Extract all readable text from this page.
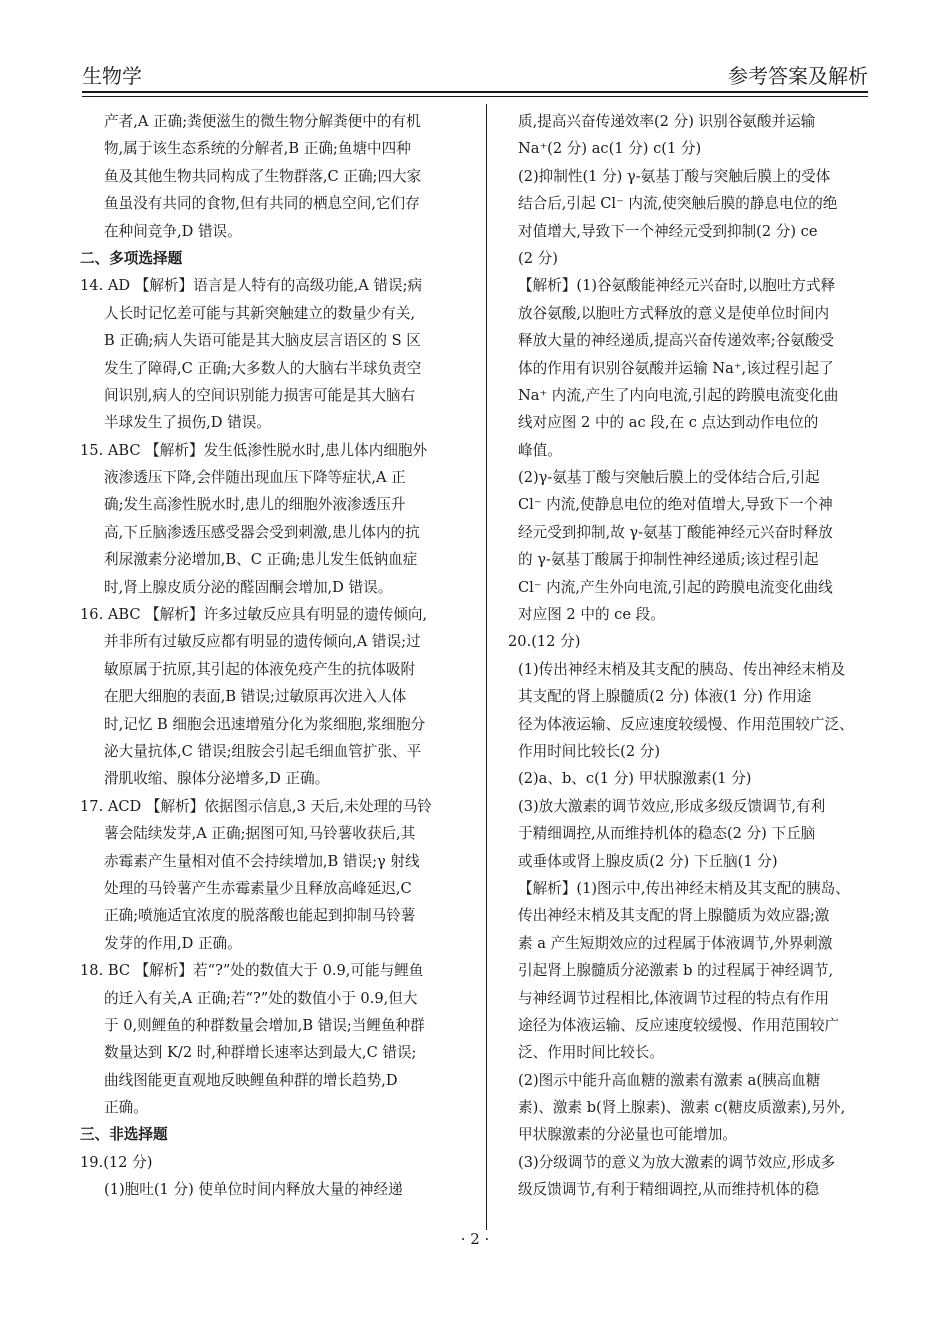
生物学	参考答案及解析
产者,A 正确;粪便滋生的微生物分解粪便中的有机
物,属于该生态系统的分解者,B 正确;鱼塘中四种
鱼及其他生物共同构成了生物群落,C 正确;四大家
鱼虽没有共同的食物,但有共同的栖息空间,它们存
在种间竞争,D 错误。
二、多项选择题
14. AD 【解析】语言是人特有的高级功能,A 错误;病
人长时记忆差可能与其新突触建立的数量少有关,
B 正确;病人失语可能是其大脑皮层言语区的 S 区
发生了障碍,C 正确;大多数人的大脑右半球负责空
间识别,病人的空间识别能力损害可能是其大脑右
半球发生了损伤,D 错误。
15. ABC 【解析】发生低渗性脱水时,患儿体内细胞外
液渗透压下降,会伴随出现血压下降等症状,A 正
确;发生高渗性脱水时,患儿的细胞外液渗透压升
高,下丘脑渗透压感受器会受到刺激,患儿体内的抗
利尿激素分泌增加,B、C 正确;患儿发生低钠血症
时,肾上腺皮质分泌的醛固酮会增加,D 错误。
16. ABC 【解析】许多过敏反应具有明显的遗传倾向,
并非所有过敏反应都有明显的遗传倾向,A 错误;过
敏原属于抗原,其引起的体液免疫产生的抗体吸附
在肥大细胞的表面,B 错误;过敏原再次进入人体
时,记忆 B 细胞会迅速增殖分化为浆细胞,浆细胞分
泌大量抗体,C 错误;组胺会引起毛细血管扩张、平
滑肌收缩、腺体分泌增多,D 正确。
17. ACD 【解析】依据图示信息,3 天后,未处理的马铃
薯会陆续发芽,A 正确;据图可知,马铃薯收获后,其
赤霉素产生量相对值不会持续增加,B 错误;γ 射线
处理的马铃薯产生赤霉素量少且释放高峰延迟,C
正确;喷施适宜浓度的脱落酸也能起到抑制马铃薯
发芽的作用,D 正确。
18. BC 【解析】若“?”处的数值大于 0.9,可能与鲤鱼
的迁入有关,A 正确;若“?”处的数值小于 0.9,但大
于 0,则鲤鱼的种群数量会增加,B 错误;当鲤鱼种群
数量达到 K/2 时,种群增长速率达到最大,C 错误;
曲线图能更直观地反映鲤鱼种群的增长趋势,D
正确。
三、非选择题
19.(12 分)
(1)胞吐(1 分) 使单位时间内释放大量的神经递
质,提高兴奋传递效率(2 分) 识别谷氨酸并运输
Na⁺(2 分) ac(1 分) c(1 分)
(2)抑制性(1 分) γ-氨基丁酸与突触后膜上的受体
结合后,引起 Cl⁻ 内流,使突触后膜的静息电位的绝
对值增大,导致下一个神经元受到抑制(2 分) ce
(2 分)
【解析】(1)谷氨酸能神经元兴奋时,以胞吐方式释
放谷氨酸,以胞吐方式释放的意义是使单位时间内
释放大量的神经递质,提高兴奋传递效率;谷氨酸受
体的作用有识别谷氨酸并运输 Na⁺,该过程引起了
Na⁺ 内流,产生了内向电流,引起的跨膜电流变化曲
线对应图 2 中的 ac 段,在 c 点达到动作电位的
峰值。
(2)γ-氨基丁酸与突触后膜上的受体结合后,引起
Cl⁻ 内流,使静息电位的绝对值增大,导致下一个神
经元受到抑制,故 γ-氨基丁酸能神经元兴奋时释放
的 γ-氨基丁酸属于抑制性神经递质;该过程引起
Cl⁻ 内流,产生外向电流,引起的跨膜电流变化曲线
对应图 2 中的 ce 段。
20.(12 分)
(1)传出神经末梢及其支配的胰岛、传出神经末梢及
其支配的肾上腺髓质(2 分) 体液(1 分) 作用途
径为体液运输、反应速度较缓慢、作用范围较广泛、
作用时间比较长(2 分)
(2)a、b、c(1 分) 甲状腺激素(1 分)
(3)放大激素的调节效应,形成多级反馈调节,有利
于精细调控,从而维持机体的稳态(2 分) 下丘脑
或垂体或肾上腺皮质(2 分) 下丘脑(1 分)
【解析】(1)图示中,传出神经末梢及其支配的胰岛、
传出神经末梢及其支配的肾上腺髓质为效应器;激
素 a 产生短期效应的过程属于体液调节,外界刺激
引起肾上腺髓质分泌激素 b 的过程属于神经调节,
与神经调节过程相比,体液调节过程的特点有作用
途径为体液运输、反应速度较缓慢、作用范围较广
泛、作用时间比较长。
(2)图示中能升高血糖的激素有激素 a(胰高血糖
素)、激素 b(肾上腺素)、激素 c(糖皮质激素),另外,
甲状腺激素的分泌量也可能增加。
(3)分级调节的意义为放大激素的调节效应,形成多
级反馈调节,有利于精细调控,从而维持机体的稳
· 2 ·
